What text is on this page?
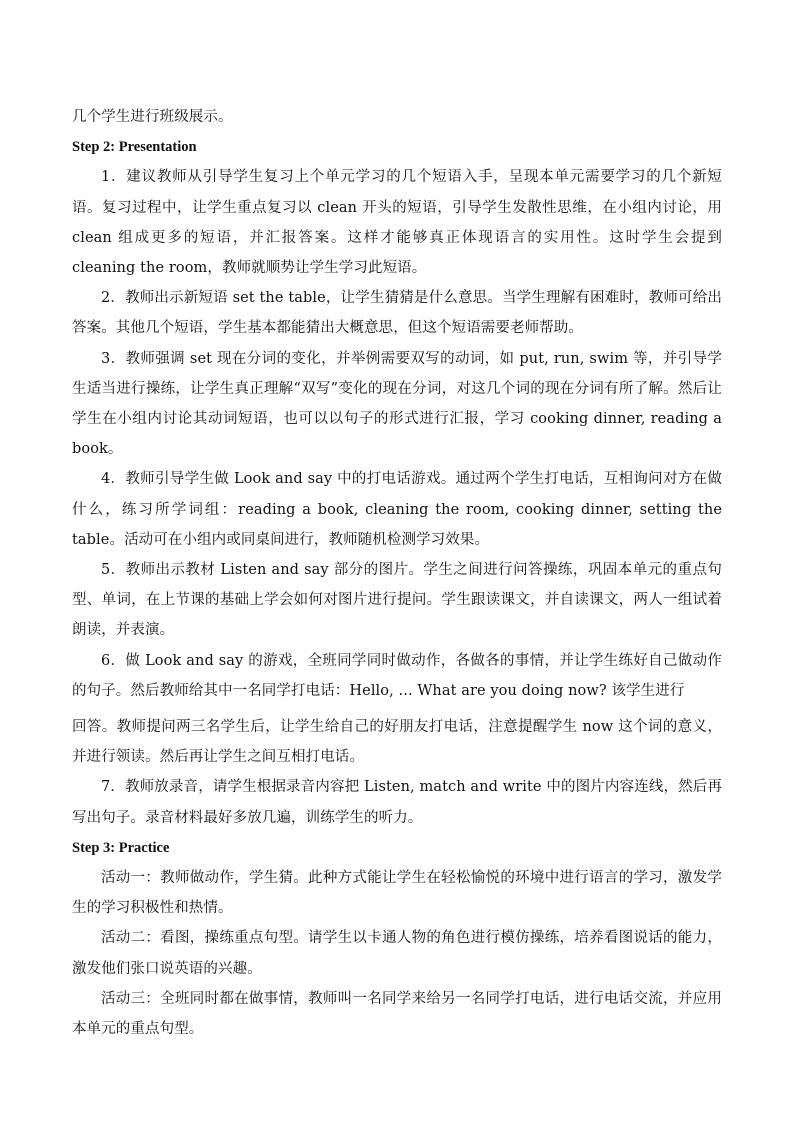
几个学生进行班级展示。

Step 2: Presentation

1．建议教师从引导学生复习上个单元学习的几个短语入手，呈现本单元需要学习的几个新短语。复习过程中，让学生重点复习以 clean 开头的短语，引导学生发散性思维，在小组内讨论，用 clean 组成更多的短语，并汇报答案。这样才能够真正体现语言的实用性。这时学生会提到 cleaning the room，教师就顺势让学生学习此短语。

2．教师出示新短语 set the table，让学生猜猜是什么意思。当学生理解有困难时，教师可给出答案。其他几个短语，学生基本都能猜出大概意思，但这个短语需要老师帮助。

3．教师强调 set 现在分词的变化，并举例需要双写的动词，如 put, run, swim 等，并引导学生适当进行操练，让学生真正理解“双写”变化的现在分词，对这几个词的现在分词有所了解。然后让学生在小组内讨论其动词短语，也可以以句子的形式进行汇报，学习 cooking dinner, reading a book。

4．教师引导学生做 Look and say 中的打电话游戏。通过两个学生打电话，互相询问对方在做什么，练习所学词组：reading a book, cleaning the room, cooking dinner, setting the table。活动可在小组内或同桌间进行，教师随机检测学习效果。

5．教师出示教材 Listen and say 部分的图片。学生之间进行问答操练，巩固本单元的重点句型、单词，在上节课的基础上学会如何对图片进行提问。学生跟读课文，并自读课文，两人一组试着朗读，并表演。

6．做 Look and say 的游戏，全班同学同时做动作，各做各的事情，并让学生练好自己做动作的句子。然后教师给其中一名同学打电话：Hello, ... What are you doing now? 该学生进行

回答。教师提问两三名学生后，让学生给自己的好朋友打电话，注意提醒学生 now 这个词的意义，并进行领读。然后再让学生之间互相打电话。

7．教师放录音，请学生根据录音内容把 Listen, match and write 中的图片内容连线，然后再写出句子。录音材料最好多放几遍，训练学生的听力。

Step 3: Practice

活动一：教师做动作，学生猜。此种方式能让学生在轻松愉悦的环境中进行语言的学习，激发学生的学习积极性和热情。

活动二：看图，操练重点句型。请学生以卡通人物的角色进行模仿操练，培养看图说话的能力，激发他们张口说英语的兴趣。

活动三：全班同时都在做事情，教师叫一名同学来给另一名同学打电话，进行电话交流，并应用本单元的重点句型。
